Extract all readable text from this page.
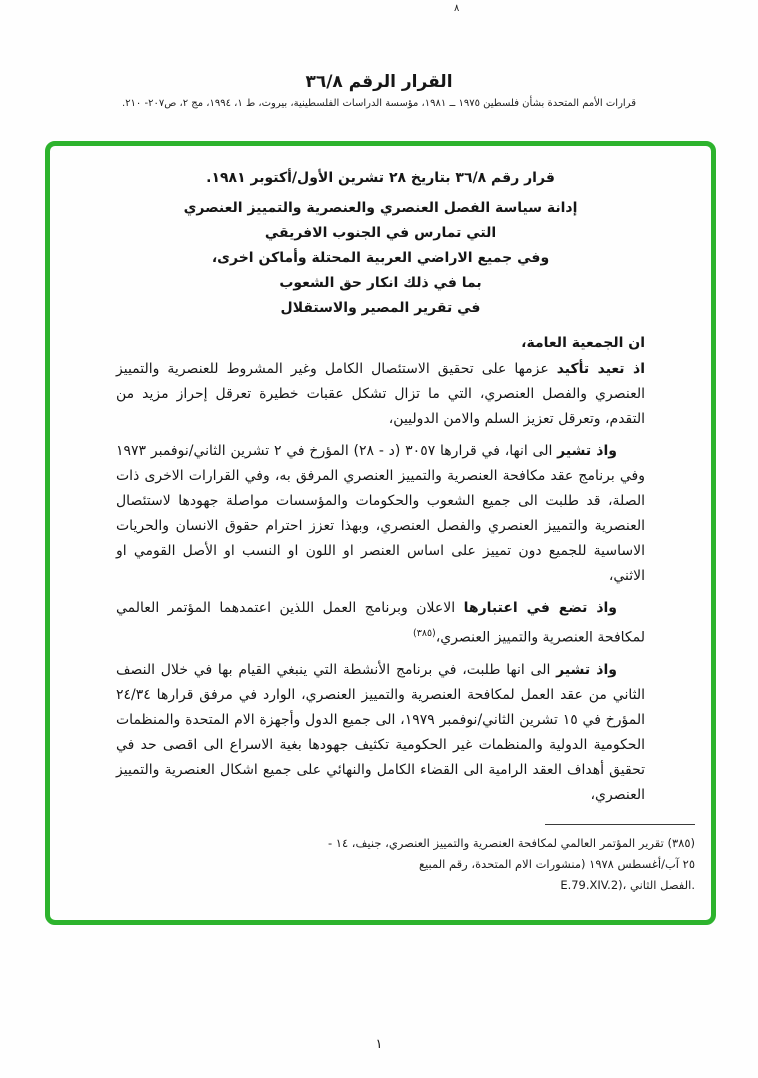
٨
القرار الرقم ٣٦/٨
قرارات الأمم المتحدة بشأن فلسطين ١٩٧٥ ــ ١٩٨١، مؤسسة الدراسات الفلسطينية، بيروت، ط ١، ١٩٩٤، مج ٢، ص٢٠٧- ٢١٠.

قرار رقم ٣٦/٨ بتاريخ ٢٨ تشرين الأول/أكتوبر ١٩٨١.

إدانة سياسة الفصل العنصري والعنصرية والتمييز العنصري
التي تمارس في الجنوب الافريقي
وفي جميع الاراضي العربية المحتلة وأماكن اخرى،
بما في ذلك انكار حق الشعوب
في تقرير المصير والاستقلال

ان الجمعية العامة،

اذ تعيد تأكيد عزمها على تحقيق الاستئصال الكامل وغير المشروط للعنصرية والتمييز العنصري والفصل العنصري، التي ما تزال تشكل عقبات خطيرة تعرقل إحراز مزيد من التقدم، وتعرقل تعزيز السلم والامن الدوليين،

واذ تشير الى انها، في قرارها ٣٠٥٧ (د - ٢٨) المؤرخ في ٢ تشرين الثاني/نوفمبر ١٩٧٣ وفي برنامج عقد مكافحة العنصرية والتمييز العنصري المرفق به، وفي القرارات الاخرى ذات الصلة، قد طلبت الى جميع الشعوب والحكومات والمؤسسات مواصلة جهودها لاستئصال العنصرية والتمييز العنصري والفصل العنصري، وبهذا تعزز احترام حقوق الانسان والحريات الاساسية للجميع دون تمييز على اساس العنصر او اللون او النسب او الأصل القومي او الاثني،

واذ تضع في اعتبارها الاعلان وبرنامج العمل اللذين اعتمدهما المؤتمر العالمي لمكافحة العنصرية والتمييز العنصري،$^{(٣٨٥)}$

واذ تشير الى انها طلبت، في برنامج الأنشطة التي ينبغي القيام بها في خلال النصف الثاني من عقد العمل لمكافحة العنصرية والتمييز العنصري، الوارد في مرفق قرارها ٢٤/٣٤ المؤرخ في ١٥ تشرين الثاني/نوفمبر ١٩٧٩، الى جميع الدول وأجهزة الام المتحدة والمنظمات الحكومية الدولية والمنظمات غير الحكومية تكثيف جهودها بغية الاسراع الى اقصى حد في تحقيق أهداف العقد الرامية الى القضاء الكامل والنهائي على جميع اشكال العنصرية والتمييز العنصري،

(٣٨٥) تقرير المؤتمر العالمي لمكافحة العنصرية والتمييز العنصري، جنيف، ١٤ -
٢٥ آب/أغسطس ١٩٧٨ (منشورات الام المتحدة، رقم المبيع
E.79.XIV.2)، الفصل الثاني.
١
